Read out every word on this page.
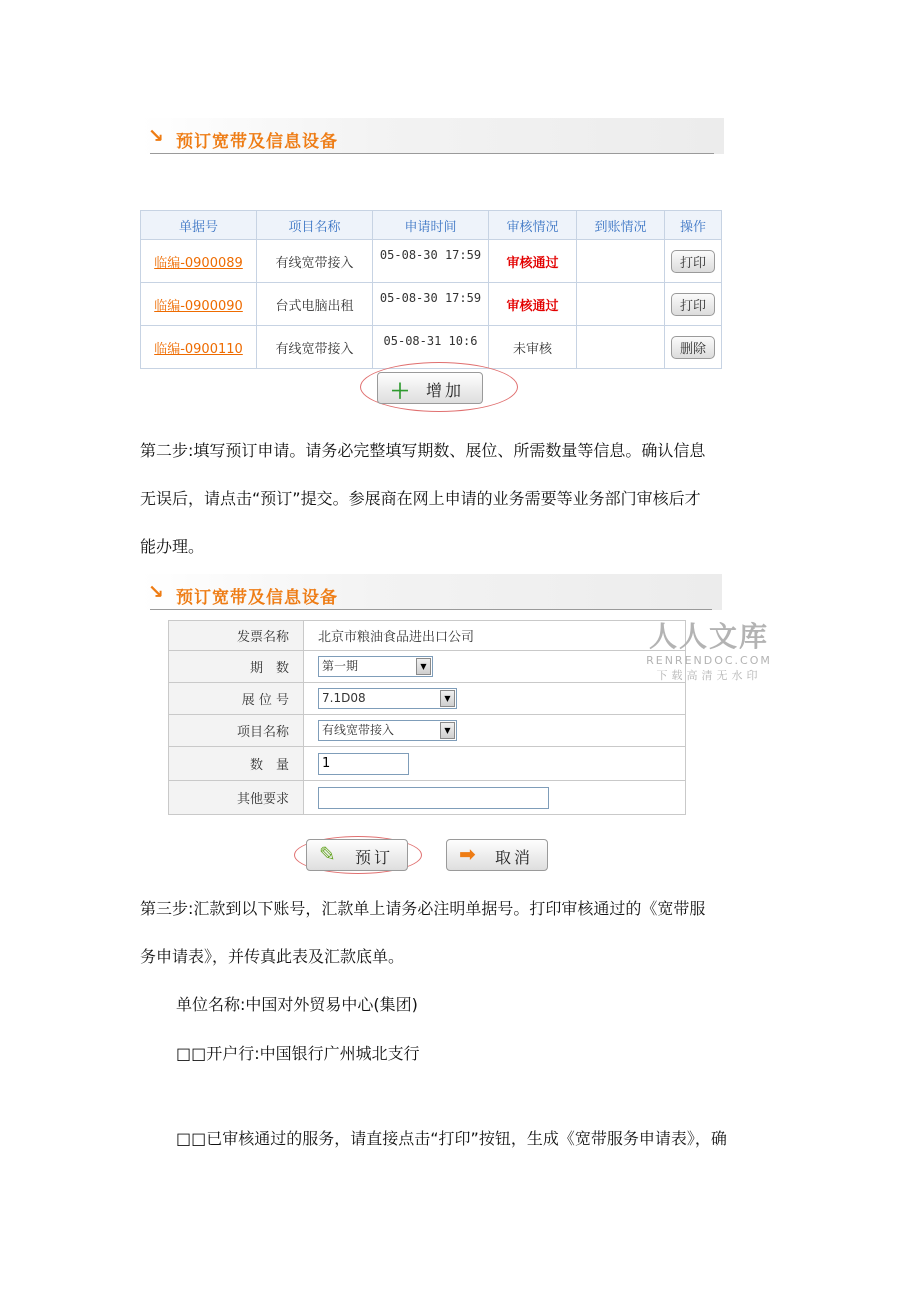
↘ 预订宽带及信息设备
单据号	项目名称	申请时间	审核情况	到账情况	操作
临编-0900089	有线宽带接入	05-08-30 17:59	审核通过		打印
临编-0900090	台式电脑出租	05-08-30 17:59	审核通过		打印
临编-0900110	有线宽带接入	05-08-31 10:6	未审核		删除
＋ 增加
第二步:填写预订申请。请务必完整填写期数、展位、所需数量等信息。确认信息
无误后，请点击“预订”提交。参展商在网上申请的业务需要等业务部门审核后才
能办理。
↘ 预订宽带及信息设备
发票名称	北京市粮油食品进出口公司
期　数	第一期 ▼

展 位 号	7.1D08 ▼

项目名称	有线宽带接入 ▼

数　量	1
其他要求	
人人文库
RENRENDOC.COM
下载高清无水印
✎ 预订	➡ 取消
第三步:汇款到以下账号，汇款单上请务必注明单据号。打印审核通过的《宽带服
务申请表》，并传真此表及汇款底单。
单位名称:中国对外贸易中心(集团)
□□开户行:中国银行广州城北支行
□□已审核通过的服务，请直接点击“打印”按钮，生成《宽带服务申请表》，确
